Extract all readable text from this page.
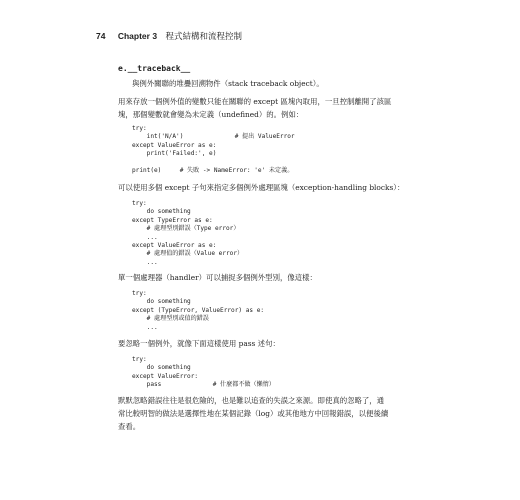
74 Chapter 3 程式結構和流程控制
e.__traceback__
與例外關聯的堆疊回溯物件（stack traceback object）。
用來存放一個例外值的變數只能在關聯的 except 區塊內取用，一旦控制離開了該區
塊，那個變數就會變為未定義（undefined）的。例如：
try:
int('N/A')              # 提出 ValueError
except ValueError as e:
print('Failed:', e)
print(e)     # 失敗 -> NameError: 'e' 未定義。
可以使用多個 except 子句來指定多個例外處理區塊（exception-handling blocks）：
try:
do something
except TypeError as e:
# 處理型別錯誤（Type error）
...
except ValueError as e:
# 處理值的錯誤（Value error）
...
單一個處理器（handler）可以捕捉多個例外型別，像這樣：
try:
do something
except (TypeError, ValueError) as e:
# 處理型別或值的錯誤
...
要忽略一個例外，就像下面這樣使用 pass 述句：
try:
do something
except ValueError:
pass              # 什麼都不做（懶惰）
默默忽略錯誤往往是很危險的，也是難以追查的失誤之來源。即使真的忽略了，通
常比較明智的做法是選擇性地在某個記錄（log）或其他地方中回報錯誤，以便後續
查看。
